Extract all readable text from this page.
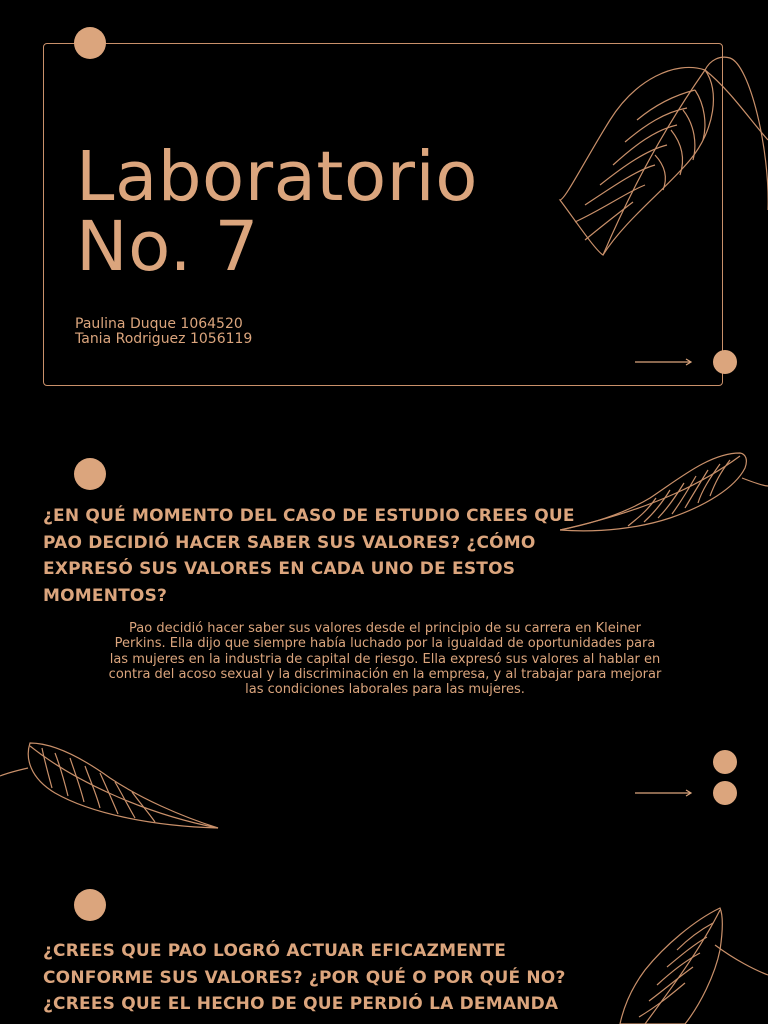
Laboratorio
No. 7

Paulina Duque 1064520
Tania Rodriguez 1056119

¿EN QUÉ MOMENTO DEL CASO DE ESTUDIO CREES QUE
PAO DECIDIÓ HACER SABER SUS VALORES? ¿CÓMO
EXPRESÓ SUS VALORES EN CADA UNO DE ESTOS
MOMENTOS?

Pao decidió hacer saber sus valores desde el principio de su carrera en Kleiner
Perkins. Ella dijo que siempre había luchado por la igualdad de oportunidades para
las mujeres en la industria de capital de riesgo. Ella expresó sus valores al hablar en
contra del acoso sexual y la discriminación en la empresa, y al trabajar para mejorar
las condiciones laborales para las mujeres.

¿CREES QUE PAO LOGRÓ ACTUAR EFICAZMENTE
CONFORME SUS VALORES? ¿POR QUÉ O POR QUÉ NO?
¿CREES QUE EL HECHO DE QUE PERDIÓ LA DEMANDA
